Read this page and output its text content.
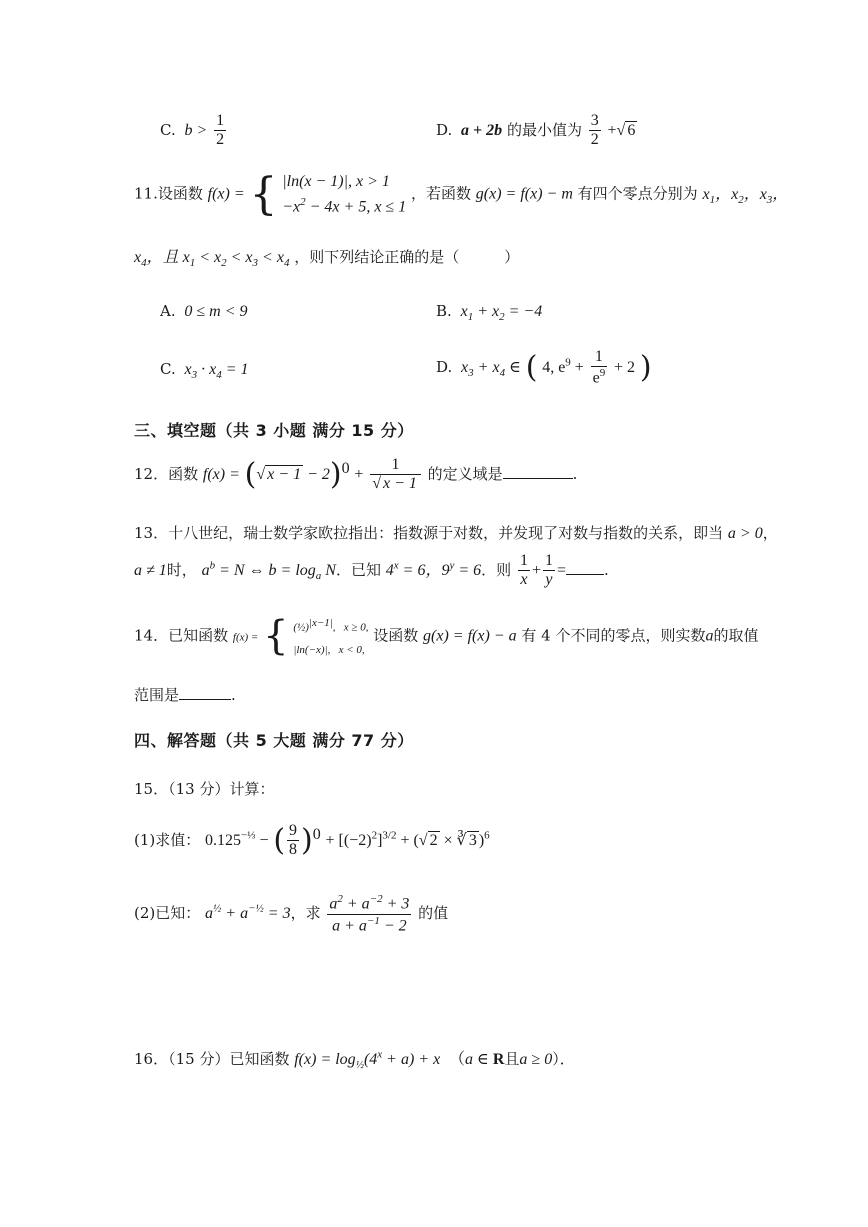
C.  $b > \frac{1}{2}$	D.  a + 2b 的最小值为 $\frac{3}{2}$ +√ 6
11.设函数 f(x) = { |ln(x − 1)|, x > 1
$-x^2 - 4x + 5$, x ≤ 1
，若函数 g(x) = f(x) − m 有四个零点分别为 $x_1$，$x_2$，$x_3$，
$x_4$，且 $x_1 < x_2 < x_3 < x_4$ ，则下列结论正确的是（　　　）
A.  0 ≤ m < 9	B.  $x_1 + x_2 = -4$
C.  $x_3 \cdot x_4 = 1$	D.  $x_3 + x_4$ ∈ ( 4, $e^9 + \frac{1}{e^9} + 2$ )
三、填空题（共 3 小题 满分 15 分）
12．函数 f(x) = (√ $x - 1 - 2)^0 + \frac{1}{√ x - 1}$ 的定义域是	.
13．十八世纪，瑞士数学家欧拉指出：指数源于对数，并发现了对数与指数的关系，即当 a > 0，
a ≠ 1时， $a^b = N$ ⇔ $b = \log_a N$．已知 $4^x = 6$，$9^y = 6$．则 $\frac{1}{x} + \frac{1}{y}$ =	.
14．已知函数 f(x) = { (½)$^{|x-1|}$,   x ≥ 0,
|ln(−x)|,   x < 0,
设函数 g(x) = f(x) − a 有 4 个不同的零点，则实数a的取值
范围是	.
四、解答题（共 5 大题 满分 77 分）
15．（13 分）计算：
(1)求值： $0.125^{-\frac{1}{3}}$ − ( $\frac{9}{8} )^0 + [(-2)^2]^{3/2}$ + (√ 2 × ∛ 3 )$^6$
(2)已知： $a^{\frac{1}{2}} + a^{-\frac{1}{2}} = 3$，求 $\frac{a^2 + a^{-2} + 3}{a + a^{-1} - 2}$ 的值
16．（15 分）已知函数 $f(x) = \log_{\frac{1}{2}}(4^x + a) + x$  （a ∈ R且a ≥ 0）．
